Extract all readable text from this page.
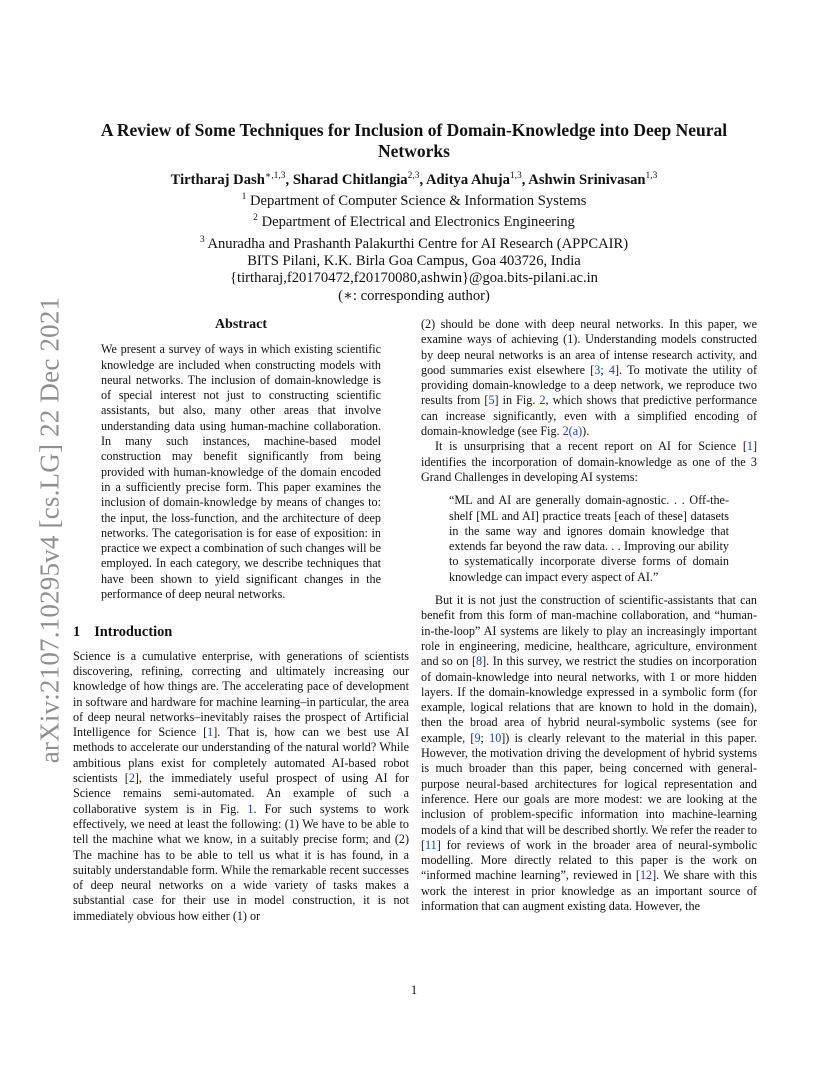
arXiv:2107.10295v4 [cs.LG] 22 Dec 2021
A Review of Some Techniques for Inclusion of Domain-Knowledge into Deep Neural Networks
Tirtharaj Dash$^{∗,1,3}$, Sharad Chitlangia$^{2,3}$, Aditya Ahuja$^{1,3}$, Ashwin Srinivasan$^{1,3}$
$^1$ Department of Computer Science & Information Systems
$^2$ Department of Electrical and Electronics Engineering
$^3$ Anuradha and Prashanth Palakurthi Centre for AI Research (APPCAIR)
BITS Pilani, K.K. Birla Goa Campus, Goa 403726, India
{tirtharaj,f20170472,f20170080,ashwin}@goa.bits-pilani.ac.in
(∗: corresponding author)
Abstract

We present a survey of ways in which existing scientific knowledge are included when constructing models with neural networks. The inclusion of domain-knowledge is of special interest not just to constructing scientific assistants, but also, many other areas that involve understanding data using human-machine collaboration. In many such instances, machine-based model construction may benefit significantly from being provided with human-knowledge of the domain encoded in a sufficiently precise form. This paper examines the inclusion of domain-knowledge by means of changes to: the input, the loss-function, and the architecture of deep networks. The categorisation is for ease of exposition: in practice we expect a combination of such changes will be employed. In each category, we describe techniques that have been shown to yield significant changes in the performance of deep neural networks.

1 Introduction

Science is a cumulative enterprise, with generations of scientists discovering, refining, correcting and ultimately increasing our knowledge of how things are. The accelerating pace of development in software and hardware for machine learning–in particular, the area of deep neural networks–inevitably raises the prospect of Artificial Intelligence for Science [1]. That is, how can we best use AI methods to accelerate our understanding of the natural world? While ambitious plans exist for completely automated AI-based robot scientists [2], the immediately useful prospect of using AI for Science remains semi-automated. An example of such a collaborative system is in Fig. 1. For such systems to work effectively, we need at least the following: (1) We have to be able to tell the machine what we know, in a suitably precise form; and (2) The machine has to be able to tell us what it is has found, in a suitably understandable form. While the remarkable recent successes of deep neural networks on a wide variety of tasks makes a substantial case for their use in model construction, it is not immediately obvious how either (1) or

(2) should be done with deep neural networks. In this paper, we examine ways of achieving (1). Understanding models constructed by deep neural networks is an area of intense research activity, and good summaries exist elsewhere [3; 4]. To motivate the utility of providing domain-knowledge to a deep network, we reproduce two results from [5] in Fig. 2, which shows that predictive performance can increase significantly, even with a simplified encoding of domain-knowledge (see Fig. 2(a)).

It is unsurprising that a recent report on AI for Science [1] identifies the incorporation of domain-knowledge as one of the 3 Grand Challenges in developing AI systems:

“ML and AI are generally domain-agnostic. . . Off-the-shelf [ML and AI] practice treats [each of these] datasets in the same way and ignores domain knowledge that extends far beyond the raw data. . . Improving our ability to systematically incorporate diverse forms of domain knowledge can impact every aspect of AI.”

But it is not just the construction of scientific-assistants that can benefit from this form of man-machine collaboration, and “human-in-the-loop” AI systems are likely to play an increasingly important role in engineering, medicine, healthcare, agriculture, environment and so on [8]. In this survey, we restrict the studies on incorporation of domain-knowledge into neural networks, with 1 or more hidden layers. If the domain-knowledge expressed in a symbolic form (for example, logical relations that are known to hold in the domain), then the broad area of hybrid neural-symbolic systems (see for example, [9; 10]) is clearly relevant to the material in this paper. However, the motivation driving the development of hybrid systems is much broader than this paper, being concerned with general-purpose neural-based architectures for logical representation and inference. Here our goals are more modest: we are looking at the inclusion of problem-specific information into machine-learning models of a kind that will be described shortly. We refer the reader to [11] for reviews of work in the broader area of neural-symbolic modelling. More directly related to this paper is the work on “informed machine learning”, reviewed in [12]. We share with this work the interest in prior knowledge as an important source of information that can augment existing data. However, the

1
